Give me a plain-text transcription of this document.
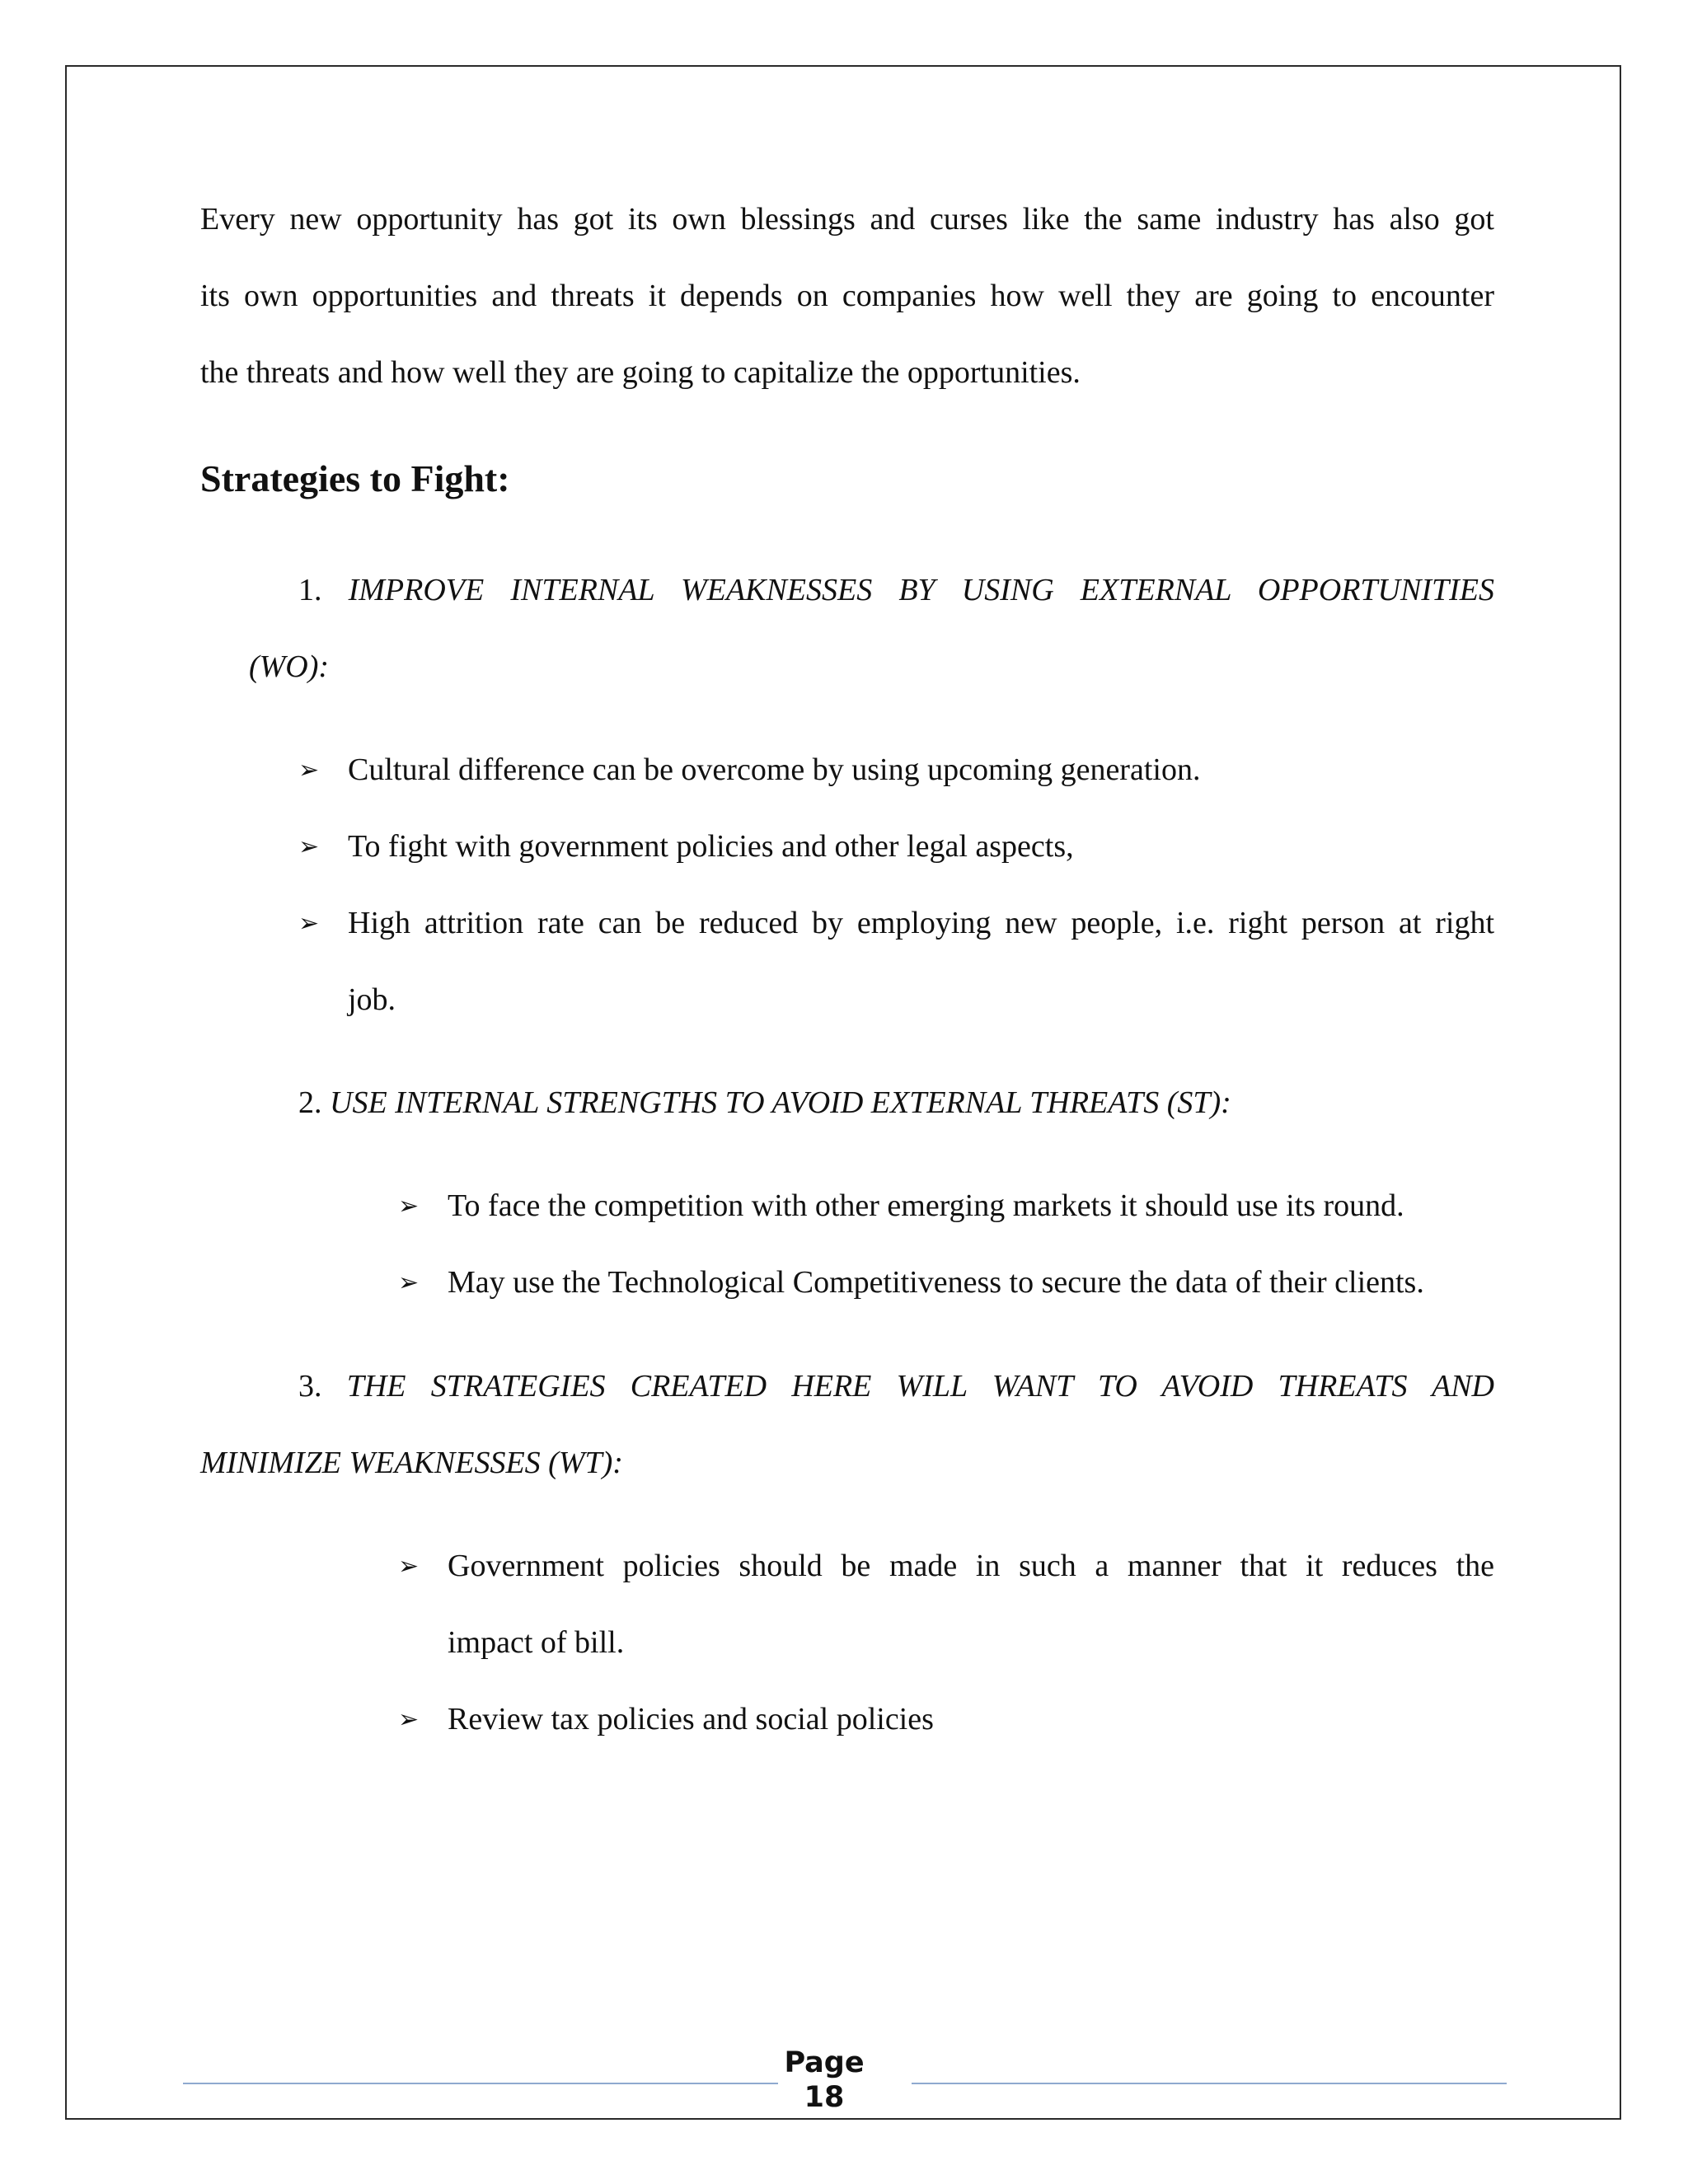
Every new opportunity has got its own blessings and curses like the same industry has also got
its own opportunities and threats it depends on companies how well they are going to encounter
the threats and how well they are going to capitalize the opportunities.
Strategies to Fight:
1. IMPROVE INTERNAL WEAKNESSES BY USING EXTERNAL OPPORTUNITIES
(WO):
➢ Cultural difference can be overcome by using upcoming generation.
➢ To fight with government policies and other legal aspects,
➢ High attrition rate can be reduced by employing new people, i.e. right person at right
job.
2. USE INTERNAL STRENGTHS TO AVOID EXTERNAL THREATS (ST):
➢ To face the competition with other emerging markets it should use its round.
➢ May use the Technological Competitiveness to secure the data of their clients.
3. THE STRATEGIES CREATED HERE WILL WANT TO AVOID THREATS AND
MINIMIZE WEAKNESSES (WT):
➢ Government policies should be made in such a manner that it reduces the
impact of bill.
➢ Review tax policies and social policies
Page
18
